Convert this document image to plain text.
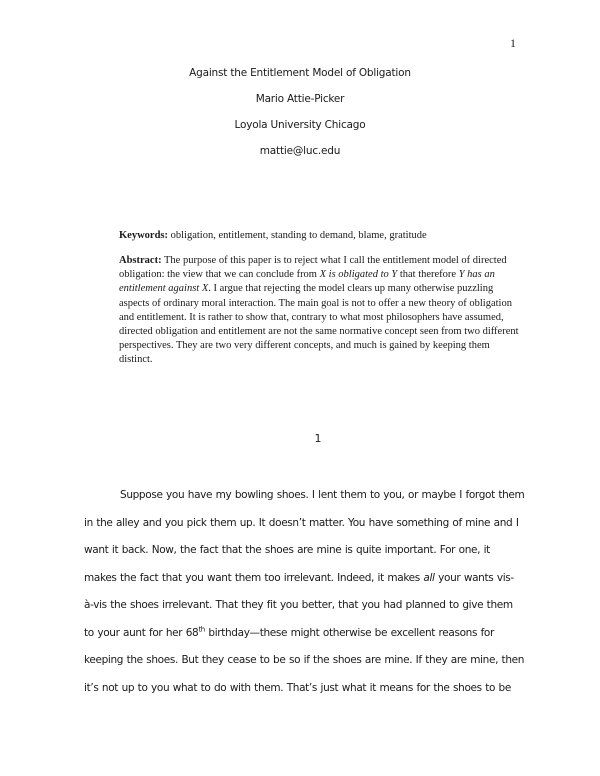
1
Against the Entitlement Model of Obligation
Mario Attie-Picker
Loyola University Chicago
mattie@luc.edu
Keywords: obligation, entitlement, standing to demand, blame, gratitude

Abstract: The purpose of this paper is to reject what I call the entitlement model of directed obligation: the view that we can conclude from X is obligated to Y that therefore Y has an entitlement against X. I argue that rejecting the model clears up many otherwise puzzling aspects of ordinary moral interaction. The main goal is not to offer a new theory of obligation and entitlement. It is rather to show that, contrary to what most philosophers have assumed, directed obligation and entitlement are not the same normative concept seen from two different perspectives. They are two very different concepts, and much is gained by keeping them distinct.

1
Suppose you have my bowling shoes. I lent them to you, or maybe I forgot them
in the alley and you pick them up. It doesn’t matter. You have something of mine and I
want it back. Now, the fact that the shoes are mine is quite important. For one, it
makes the fact that you want them too irrelevant. Indeed, it makes all your wants vis-
à-vis the shoes irrelevant. That they fit you better, that you had planned to give them
to your aunt for her 68th birthday—these might otherwise be excellent reasons for
keeping the shoes. But they cease to be so if the shoes are mine. If they are mine, then
it’s not up to you what to do with them. That’s just what it means for the shoes to be
